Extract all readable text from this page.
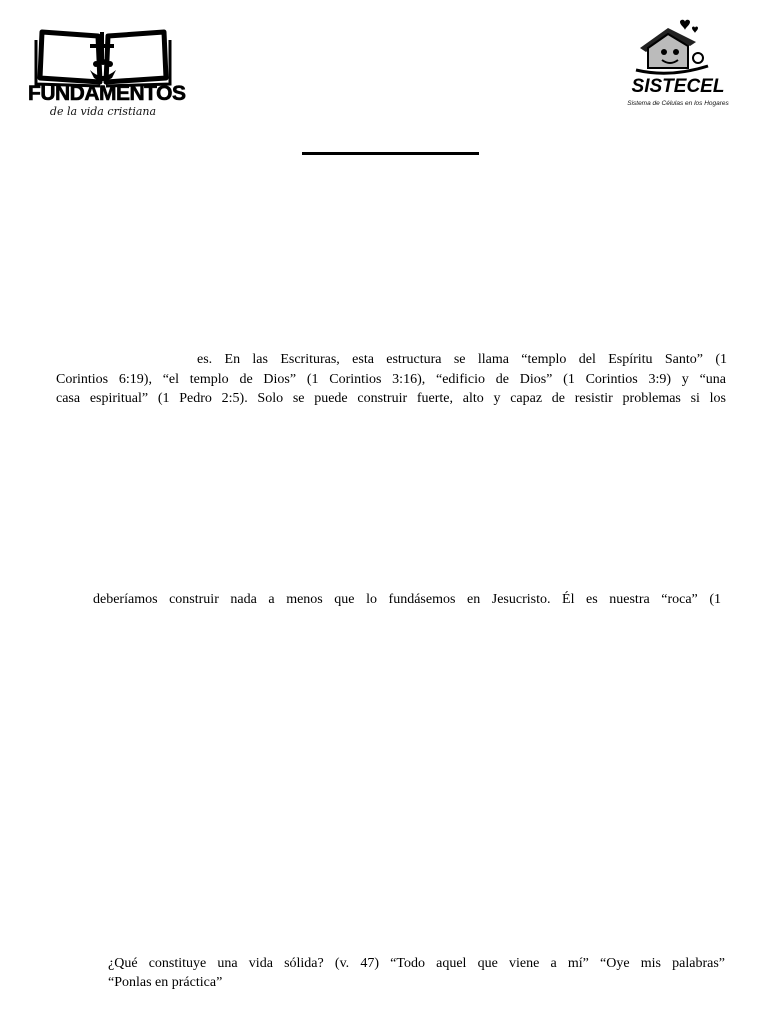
FUNDAMENTOS
de la vida cristiana
SISTECEL
Sistema de Células en los Hogares
es. En las Escrituras, esta estructura se llama “templo del Espíritu Santo” (1
Corintios 6:19), “el templo de Dios” (1 Corintios 3:16), “edificio de Dios” (1 Corintios 3:9) y “una
casa espiritual” (1 Pedro 2:5). Solo se puede construir fuerte, alto y capaz de resistir problemas si los
deberíamos construir nada a menos que lo fundásemos en Jesucristo. Él es nuestra “roca” (1
¿Qué constituye una vida sólida? (v. 47) “Todo aquel que viene a mí” “Oye mis palabras”
“Ponlas en práctica”
